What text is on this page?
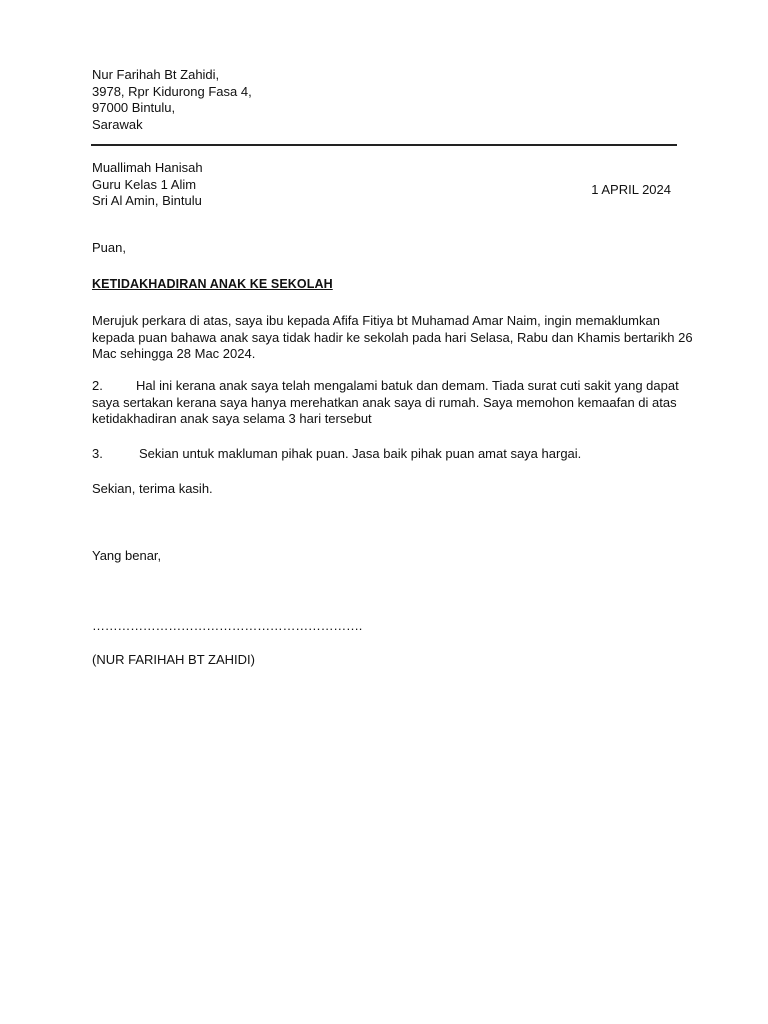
Nur Farihah Bt Zahidi,
3978, Rpr Kidurong Fasa 4,
97000 Bintulu,
Sarawak
Muallimah Hanisah
Guru Kelas 1 Alim
Sri Al Amin, Bintulu
1 APRIL 2024
Puan,
KETIDAKHADIRAN ANAK KE SEKOLAH
Merujuk perkara di atas, saya ibu kepada Afifa Fitiya bt Muhamad Amar Naim, ingin memaklumkan
kepada puan bahawa anak saya tidak hadir ke sekolah pada hari Selasa, Rabu dan Khamis bertarikh 26
Mac sehingga 28 Mac 2024.
2.	Hal ini kerana anak saya telah mengalami batuk dan demam. Tiada surat cuti sakit yang dapat
saya sertakan kerana saya hanya merehatkan anak saya di rumah. Saya memohon kemaafan di atas
ketidakhadiran anak saya selama 3 hari tersebut
3.	Sekian untuk makluman pihak puan. Jasa baik pihak puan amat saya hargai.
Sekian, terima kasih.
Yang benar,
……………………………………………………….
(NUR FARIHAH BT ZAHIDI)
